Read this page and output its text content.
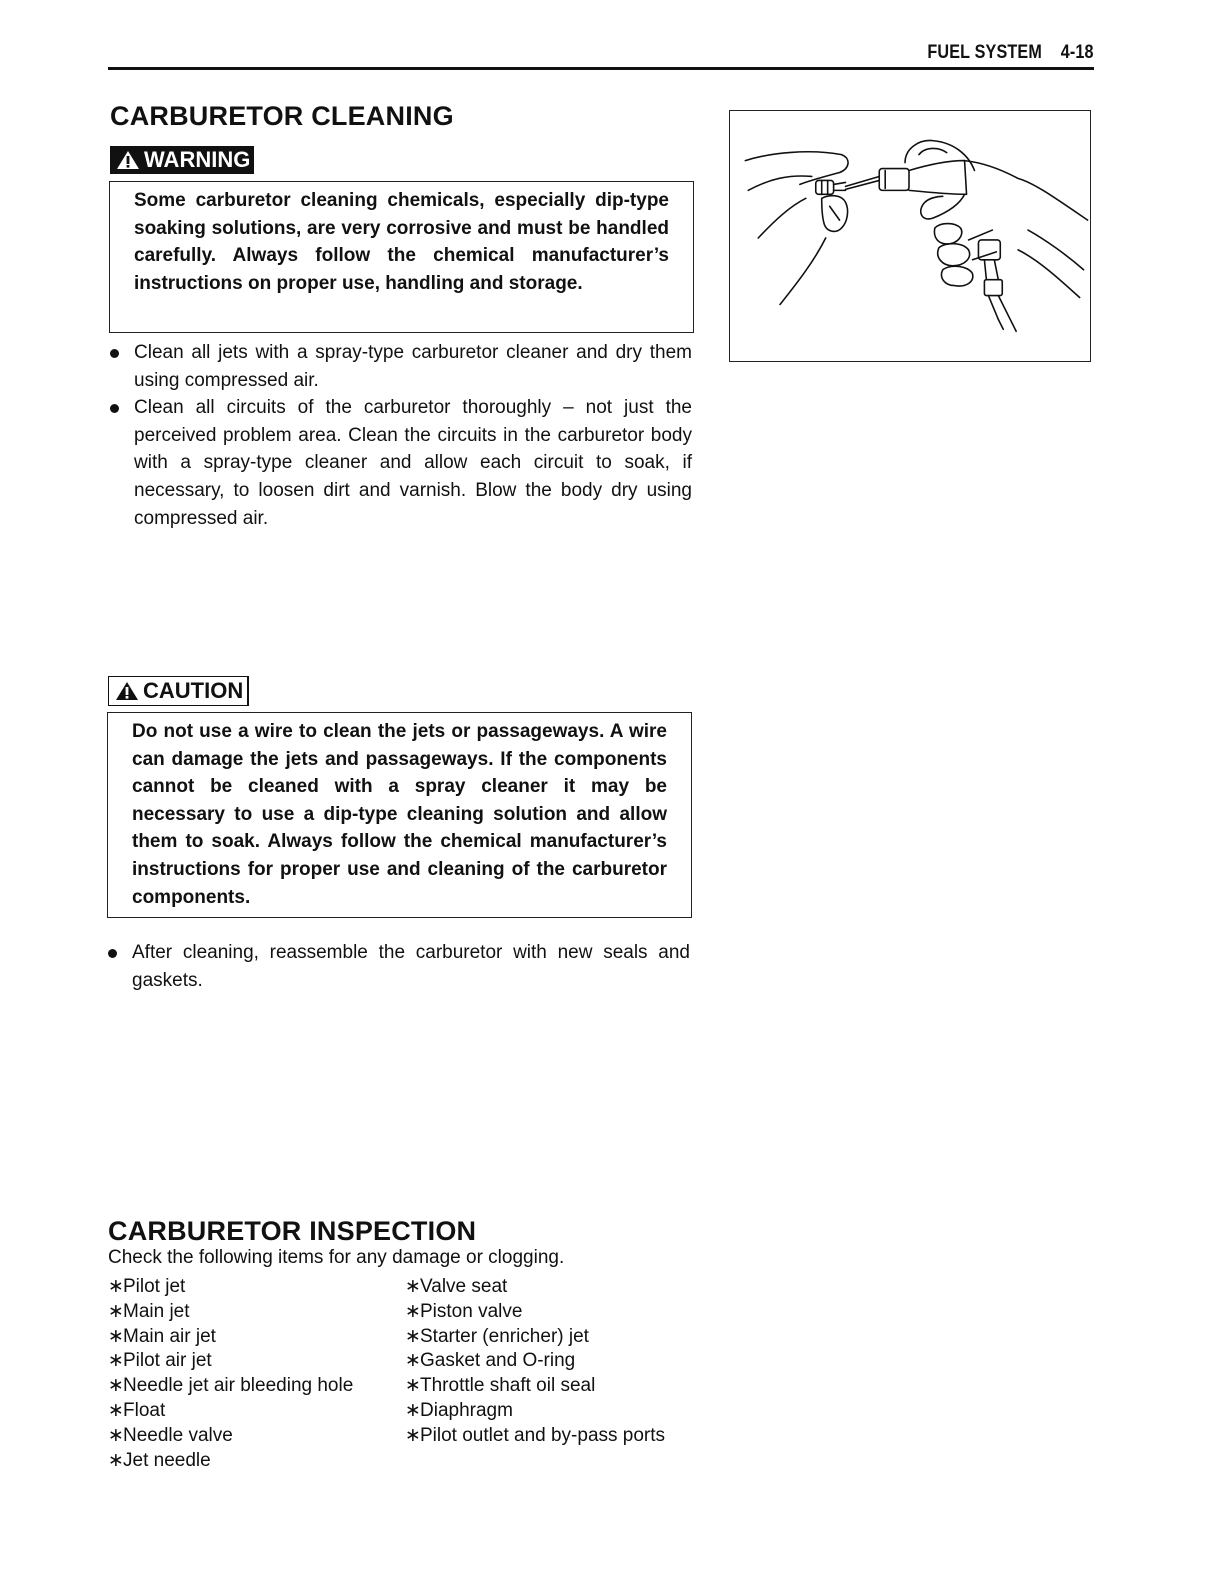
FUEL SYSTEM 4-18
CARBURETOR CLEANING
WARNING
Some carburetor cleaning chemicals, especially dip-type soaking solutions, are very corrosive and must be handled carefully. Always follow the chemical manufacturer’s instructions on proper use, handling and storage.
Clean all jets with a spray-type carburetor cleaner and dry them using compressed air.
Clean all circuits of the carburetor thoroughly – not just the perceived problem area. Clean the circuits in the carburetor body with a spray-type cleaner and allow each circuit to soak, if necessary, to loosen dirt and varnish. Blow the body dry using compressed air.
CAUTION
Do not use a wire to clean the jets or passageways. A wire can damage the jets and passageways. If the components cannot be cleaned with a spray cleaner it may be necessary to use a dip-type cleaning solution and allow them to soak. Always follow the chemical manufacturer’s instructions for proper use and cleaning of the carburetor components.
After cleaning, reassemble the carburetor with new seals and gaskets.
CARBURETOR INSPECTION
Check the following items for any damage or clogging.
∗Pilot jet
∗Main jet
∗Main air jet
∗Pilot air jet
∗Needle jet air bleeding hole
∗Float
∗Needle valve
∗Jet needle
∗Valve seat
∗Piston valve
∗Starter (enricher) jet
∗Gasket and O-ring
∗Throttle shaft oil seal
∗Diaphragm
∗Pilot outlet and by-pass ports
